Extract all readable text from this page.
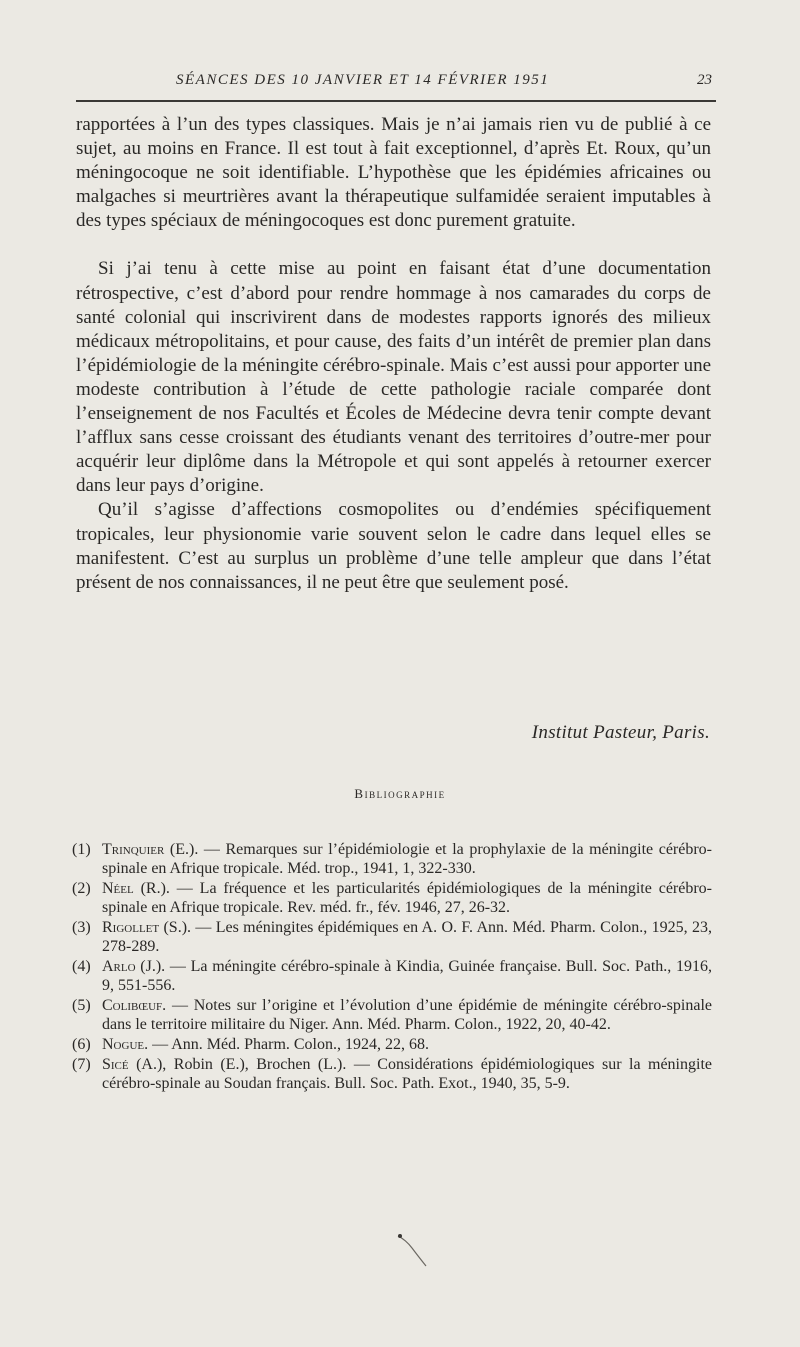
SÉANCES DES 10 JANVIER ET 14 FÉVRIER 1951	23

rapportées à l’un des types classiques. Mais je n’ai jamais rien vu de publié à ce sujet, au moins en France. Il est tout à fait exceptionnel, d’après Et. Roux, qu’un méningocoque ne soit identifiable. L’hypothèse que les épidémies africaines ou malgaches si meurtrières avant la thérapeutique sulfamidée seraient imputables à des types spéciaux de méningocoques est donc purement gratuite.

Si j’ai tenu à cette mise au point en faisant état d’une documentation rétrospective, c’est d’abord pour rendre hommage à nos camarades du corps de santé colonial qui inscrivirent dans de modestes rapports ignorés des milieux médicaux métropolitains, et pour cause, des faits d’un intérêt de premier plan dans l’épidémiologie de la méningite cérébro-spinale. Mais c’est aussi pour apporter une modeste contribution à l’étude de cette pathologie raciale comparée dont l’enseignement de nos Facultés et Écoles de Médecine devra tenir compte devant l’afflux sans cesse croissant des étudiants venant des territoires d’outre-mer pour acquérir leur diplôme dans la Métropole et qui sont appelés à retourner exercer dans leur pays d’origine.

Qu’il s’agisse d’affections cosmopolites ou d’endémies spécifiquement tropicales, leur physionomie varie souvent selon le cadre dans lequel elles se manifestent. C’est au surplus un problème d’une telle ampleur que dans l’état présent de nos connaissances, il ne peut être que seulement posé.

Institut Pasteur, Paris.
Bibliographie
(1) Trinquier (E.). — Remarques sur l’épidémiologie et la prophylaxie de la méningite cérébro-spinale en Afrique tropicale. Méd. trop., 1941, 1, 322-330.
(2) Néel (R.). — La fréquence et les particularités épidémiologiques de la méningite cérébro-spinale en Afrique tropicale. Rev. méd. fr., fév. 1946, 27, 26-32.
(3) Rigollet (S.). — Les méningites épidémiques en A. O. F. Ann. Méd. Pharm. Colon., 1925, 23, 278-289.
(4) Arlo (J.). — La méningite cérébro-spinale à Kindia, Guinée française. Bull. Soc. Path., 1916, 9, 551-556.
(5) Colibœuf. — Notes sur l’origine et l’évolution d’une épidémie de méningite cérébro-spinale dans le territoire militaire du Niger. Ann. Méd. Pharm. Colon., 1922, 20, 40-42.
(6) Nogue. — Ann. Méd. Pharm. Colon., 1924, 22, 68.
(7) Sicé (A.), Robin (E.), Brochen (L.). — Considérations épidémiologiques sur la méningite cérébro-spinale au Soudan français. Bull. Soc. Path. Exot., 1940, 35, 5-9.
